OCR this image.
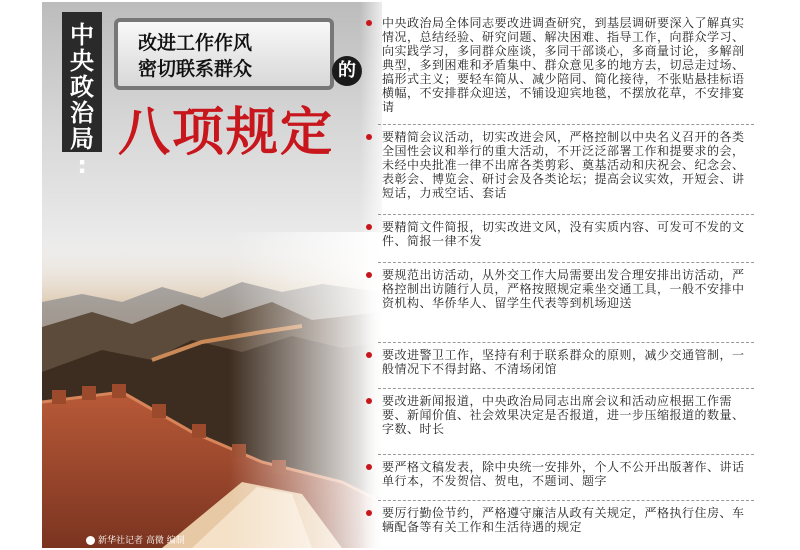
中
央
政
治
局
:
改进工作作风
密切联系群众	的
八项规定
新华社记者 高微 编制
中央政治局全体同志要改进调查研究，到基层调研要深入了解真实情况，总结经验、研究问题、解决困难、指导工作，向群众学习、向实践学习，多同群众座谈，多同干部谈心，多商量讨论，多解剖典型，多到困难和矛盾集中、群众意见多的地方去，切忌走过场、搞形式主义；要轻车简从、减少陪同、简化接待，不张贴悬挂标语横幅，不安排群众迎送，不铺设迎宾地毯，不摆放花草，不安排宴请
要精简会议活动，切实改进会风，严格控制以中央名义召开的各类全国性会议和举行的重大活动，不开泛泛部署工作和提要求的会，未经中央批准一律不出席各类剪彩、奠基活动和庆祝会、纪念会、表彰会、博览会、研讨会及各类论坛；提高会议实效，开短会、讲短话，力戒空话、套话
要精简文件简报，切实改进文风，没有实质内容、可发可不发的文件、简报一律不发
要规范出访活动，从外交工作大局需要出发合理安排出访活动，严格控制出访随行人员，严格按照规定乘坐交通工具，一般不安排中资机构、华侨华人、留学生代表等到机场迎送
要改进警卫工作，坚持有利于联系群众的原则，减少交通管制，一般情况下不得封路、不清场闭馆
要改进新闻报道，中央政治局同志出席会议和活动应根据工作需要、新闻价值、社会效果决定是否报道，进一步压缩报道的数量、字数、时长
要严格文稿发表，除中央统一安排外，个人不公开出版著作、讲话单行本，不发贺信、贺电，不题词、题字
要厉行勤俭节约，严格遵守廉洁从政有关规定，严格执行住房、车辆配备等有关工作和生活待遇的规定
